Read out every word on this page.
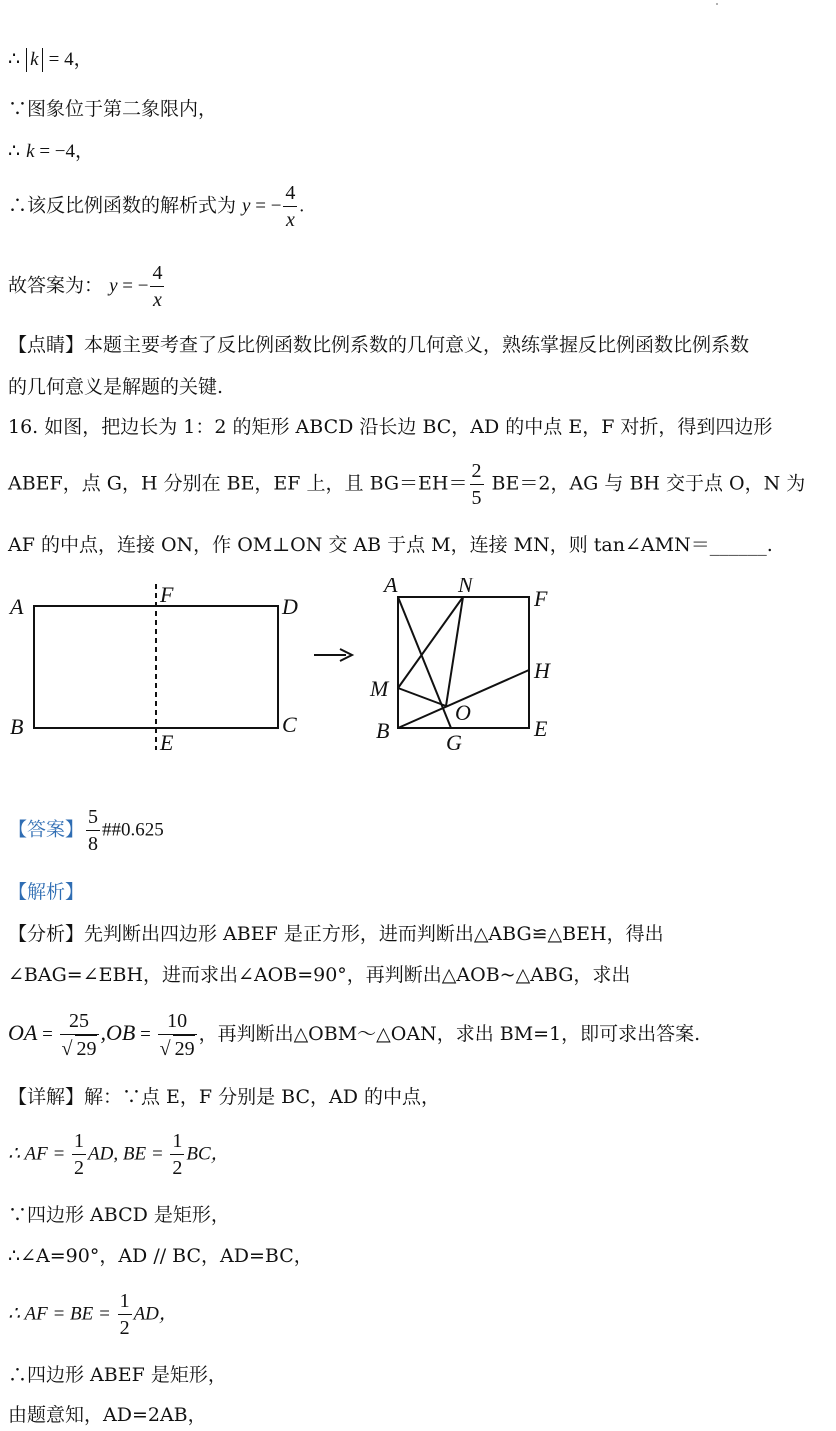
∴ k = 4，
∵图象位于第二象限内，
∴ k = −4，
∴该反比例函数的解析式为 y = − $\frac{4}{x}$ .
故答案为： y = − $\frac{4}{x}$
【点睛】本题主要考查了反比例函数比例系数的几何意义，熟练掌握反比例函数比例系数
的几何意义是解题的关键.
16. 如图，把边长为 1：2 的矩形 ABCD 沿长边 BC，AD 的中点 E，F 对折，得到四边形
ABEF，点 G，H 分别在 BE，EF 上，且 $BG=EH= \frac{2}{5} BE=2$，AG 与 BH 交于点 O，N 为
AF 的中点，连接 ON，作 OM⊥ON 交 AB 于点 M，连接 MN，则 tan∠AMN＝______.
A	F	D
B	C
E
A	N
F
M
H
O
B	G
E
【答案】 $\frac{5}{8}$ ##0.625
【解析】
【分析】先判断出四边形 ABEF 是正方形，进而判断出△ABG≌△BEH，得出
∠BAG=∠EBH，进而求出∠AOB=90°，再判断出△AOB~△ABG，求出
OA = $\frac{25}{√ 29} ,OB = \frac{10}{√ 29}$ ，再判断出△OBM～△OAN，求出 BM=1，即可求出答案.
【详解】解：∵点 E，F 分别是 BC，AD 的中点，
∴ AF = $\frac{1}{2}$ AD, BE = $\frac{1}{2}$ BC，
∵四边形 ABCD 是矩形，
∴∠A=90°，AD // BC，AD=BC，
∴ AF = BE = $\frac{1}{2}$ AD，
∴四边形 ABEF 是矩形，
由题意知，AD=2AB，
